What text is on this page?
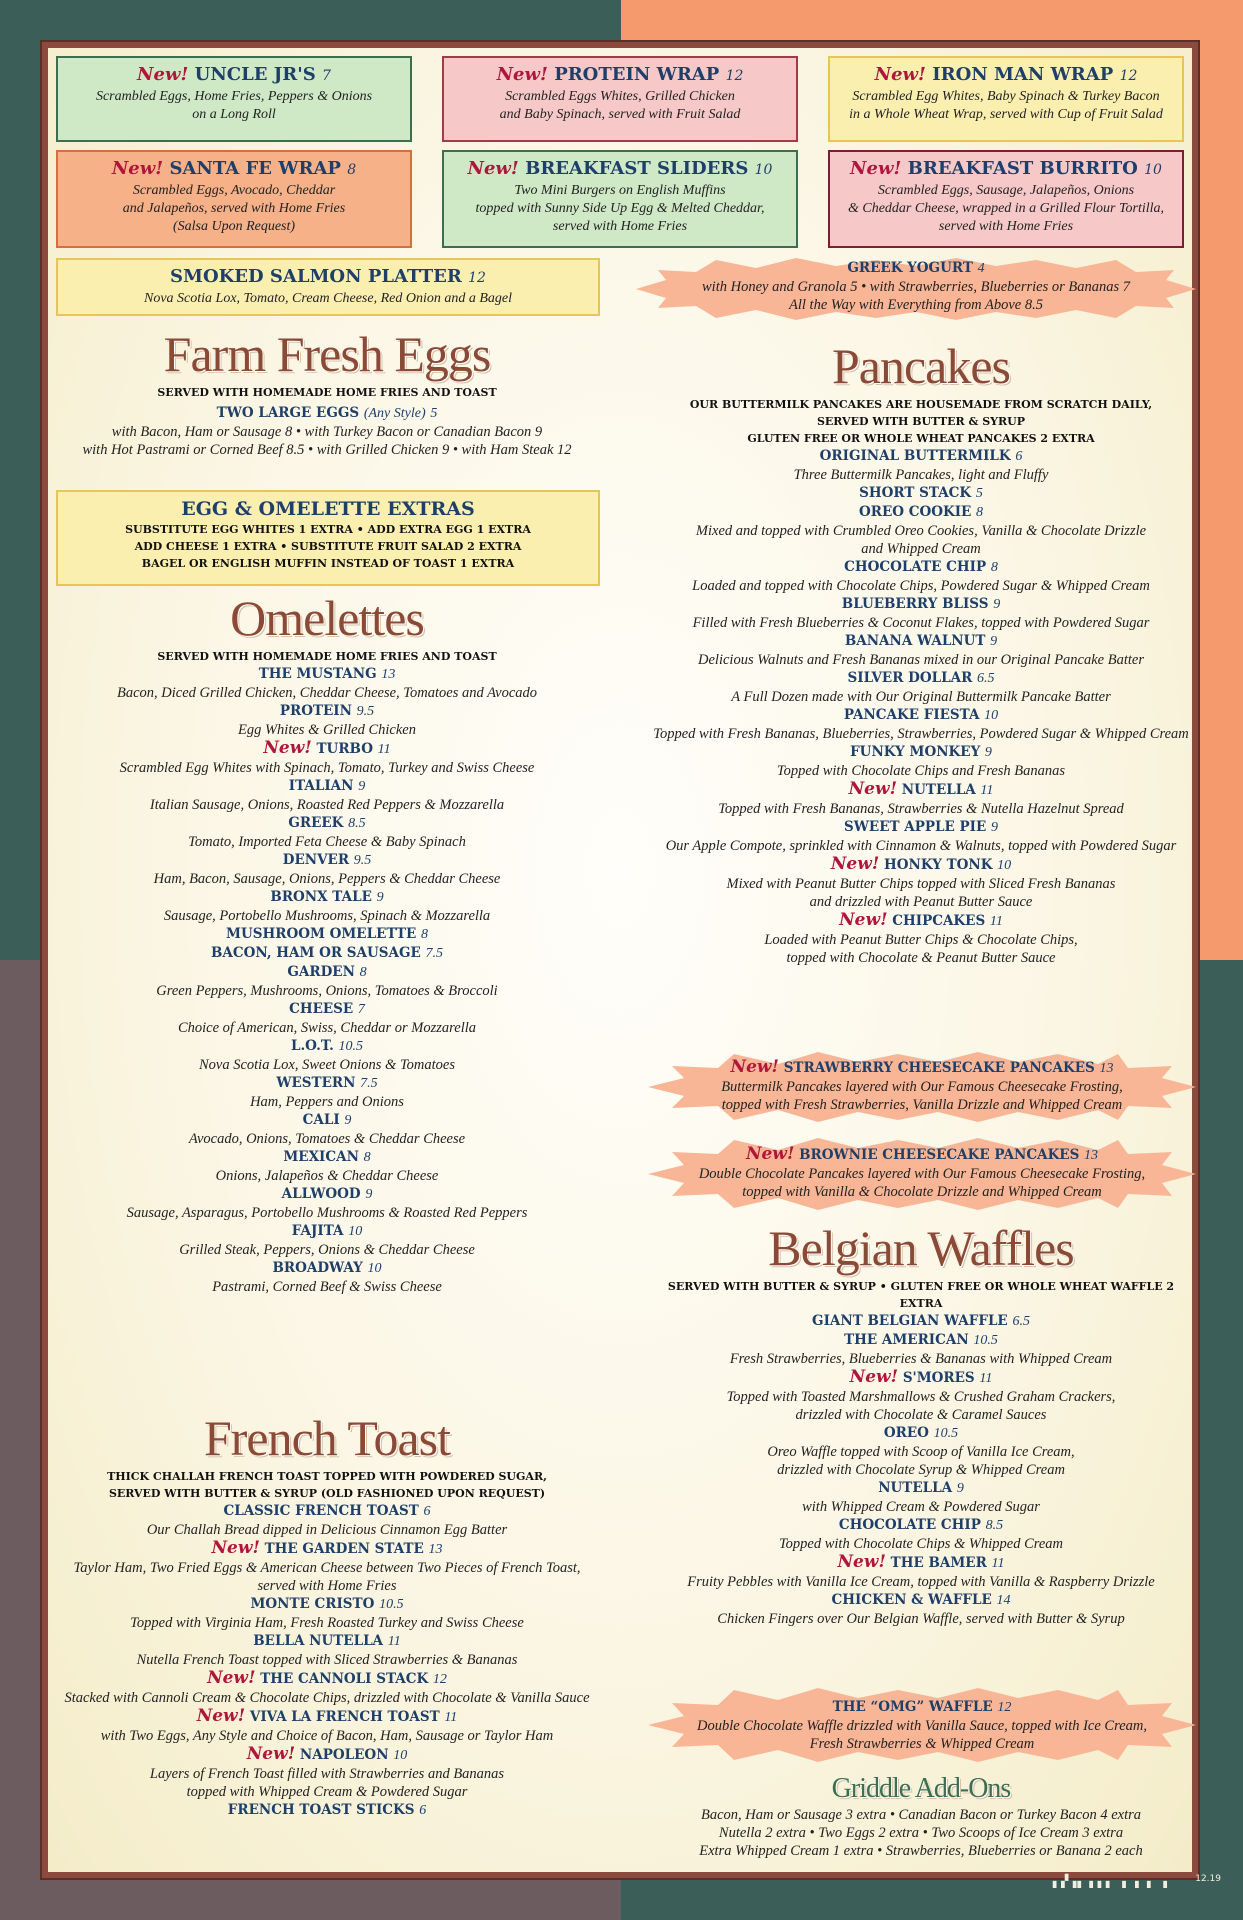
New! UNCLE JR'S 7
Scrambled Eggs, Home Fries, Peppers & Onions
on a Long Roll
New! PROTEIN WRAP 12
Scrambled Eggs Whites, Grilled Chicken
and Baby Spinach, served with Fruit Salad
New! IRON MAN WRAP 12
Scrambled Egg Whites, Baby Spinach & Turkey Bacon
in a Whole Wheat Wrap, served with Cup of Fruit Salad
New! SANTA FE WRAP 8
Scrambled Eggs, Avocado, Cheddar
and Jalapeños, served with Home Fries
(Salsa Upon Request)
New! BREAKFAST SLIDERS 10
Two Mini Burgers on English Muffins
topped with Sunny Side Up Egg & Melted Cheddar,
served with Home Fries
New! BREAKFAST BURRITO 10
Scrambled Eggs, Sausage, Jalapeños, Onions
& Cheddar Cheese, wrapped in a Grilled Flour Tortilla,
served with Home Fries
SMOKED SALMON PLATTER 12
Nova Scotia Lox, Tomato, Cream Cheese, Red Onion and a Bagel
GREEK YOGURT 4
with Honey and Granola 5 • with Strawberries, Blueberries or Bananas 7
All the Way with Everything from Above 8.5
Farm Fresh Eggs
SERVED WITH HOMEMADE HOME FRIES AND TOAST
TWO LARGE EGGS (Any Style) 5
with Bacon, Ham or Sausage 8 • with Turkey Bacon or Canadian Bacon 9
with Hot Pastrami or Corned Beef 8.5 • with Grilled Chicken 9 • with Ham Steak 12
EGG & OMELETTE EXTRAS
SUBSTITUTE EGG WHITES 1 EXTRA • ADD EXTRA EGG 1 EXTRA
ADD CHEESE 1 EXTRA • SUBSTITUTE FRUIT SALAD 2 EXTRA
BAGEL OR ENGLISH MUFFIN INSTEAD OF TOAST 1 EXTRA
Omelettes
SERVED WITH HOMEMADE HOME FRIES AND TOAST
THE MUSTANG 13
Bacon, Diced Grilled Chicken, Cheddar Cheese, Tomatoes and Avocado
PROTEIN 9.5
Egg Whites & Grilled Chicken
New! TURBO 11
Scrambled Egg Whites with Spinach, Tomato, Turkey and Swiss Cheese
ITALIAN 9
Italian Sausage, Onions, Roasted Red Peppers & Mozzarella
GREEK 8.5
Tomato, Imported Feta Cheese & Baby Spinach
DENVER 9.5
Ham, Bacon, Sausage, Onions, Peppers & Cheddar Cheese
BRONX TALE 9
Sausage, Portobello Mushrooms, Spinach & Mozzarella
MUSHROOM OMELETTE 8
BACON, HAM OR SAUSAGE 7.5
GARDEN 8
Green Peppers, Mushrooms, Onions, Tomatoes & Broccoli
CHEESE 7
Choice of American, Swiss, Cheddar or Mozzarella
L.O.T. 10.5
Nova Scotia Lox, Sweet Onions & Tomatoes
WESTERN 7.5
Ham, Peppers and Onions
CALI 9
Avocado, Onions, Tomatoes & Cheddar Cheese
MEXICAN 8
Onions, Jalapeños & Cheddar Cheese
ALLWOOD 9
Sausage, Asparagus, Portobello Mushrooms & Roasted Red Peppers
FAJITA 10
Grilled Steak, Peppers, Onions & Cheddar Cheese
BROADWAY 10
Pastrami, Corned Beef & Swiss Cheese
French Toast
THICK CHALLAH FRENCH TOAST TOPPED WITH POWDERED SUGAR,
SERVED WITH BUTTER & SYRUP (OLD FASHIONED UPON REQUEST)
CLASSIC FRENCH TOAST 6
Our Challah Bread dipped in Delicious Cinnamon Egg Batter
New! THE GARDEN STATE 13
Taylor Ham, Two Fried Eggs & American Cheese between Two Pieces of French Toast,
served with Home Fries
MONTE CRISTO 10.5
Topped with Virginia Ham, Fresh Roasted Turkey and Swiss Cheese
BELLA NUTELLA 11
Nutella French Toast topped with Sliced Strawberries & Bananas
New! THE CANNOLI STACK 12
Stacked with Cannoli Cream & Chocolate Chips, drizzled with Chocolate & Vanilla Sauce
New! VIVA LA FRENCH TOAST 11
with Two Eggs, Any Style and Choice of Bacon, Ham, Sausage or Taylor Ham
New! NAPOLEON 10
Layers of French Toast filled with Strawberries and Bananas
topped with Whipped Cream & Powdered Sugar
FRENCH TOAST STICKS 6
Pancakes
OUR BUTTERMILK PANCAKES ARE HOUSEMADE FROM SCRATCH DAILY,
SERVED WITH BUTTER & SYRUP
GLUTEN FREE OR WHOLE WHEAT PANCAKES 2 EXTRA
ORIGINAL BUTTERMILK 6
Three Buttermilk Pancakes, light and Fluffy
SHORT STACK 5
OREO COOKIE 8
Mixed and topped with Crumbled Oreo Cookies, Vanilla & Chocolate Drizzle
and Whipped Cream
CHOCOLATE CHIP 8
Loaded and topped with Chocolate Chips, Powdered Sugar & Whipped Cream
BLUEBERRY BLISS 9
Filled with Fresh Blueberries & Coconut Flakes, topped with Powdered Sugar
BANANA WALNUT 9
Delicious Walnuts and Fresh Bananas mixed in our Original Pancake Batter
SILVER DOLLAR 6.5
A Full Dozen made with Our Original Buttermilk Pancake Batter
PANCAKE FIESTA 10
Topped with Fresh Bananas, Blueberries, Strawberries, Powdered Sugar & Whipped Cream
FUNKY MONKEY 9
Topped with Chocolate Chips and Fresh Bananas
New! NUTELLA 11
Topped with Fresh Bananas, Strawberries & Nutella Hazelnut Spread
SWEET APPLE PIE 9
Our Apple Compote, sprinkled with Cinnamon & Walnuts, topped with Powdered Sugar
New! HONKY TONK 10
Mixed with Peanut Butter Chips topped with Sliced Fresh Bananas
and drizzled with Peanut Butter Sauce
New! CHIPCAKES 11
Loaded with Peanut Butter Chips & Chocolate Chips,
topped with Chocolate & Peanut Butter Sauce
New! STRAWBERRY CHEESECAKE PANCAKES 13
Buttermilk Pancakes layered with Our Famous Cheesecake Frosting,
topped with Fresh Strawberries, Vanilla Drizzle and Whipped Cream
New! BROWNIE CHEESECAKE PANCAKES 13
Double Chocolate Pancakes layered with Our Famous Cheesecake Frosting,
topped with Vanilla & Chocolate Drizzle and Whipped Cream
Belgian Waffles
SERVED WITH BUTTER & SYRUP • GLUTEN FREE OR WHOLE WHEAT WAFFLE 2 EXTRA
GIANT BELGIAN WAFFLE 6.5
THE AMERICAN 10.5
Fresh Strawberries, Blueberries & Bananas with Whipped Cream
New! S'MORES 11
Topped with Toasted Marshmallows & Crushed Graham Crackers,
drizzled with Chocolate & Caramel Sauces
OREO 10.5
Oreo Waffle topped with Scoop of Vanilla Ice Cream,
drizzled with Chocolate Syrup & Whipped Cream
NUTELLA 9
with Whipped Cream & Powdered Sugar
CHOCOLATE CHIP 8.5
Topped with Chocolate Chips & Whipped Cream
New! THE BAMER 11
Fruity Pebbles with Vanilla Ice Cream, topped with Vanilla & Raspberry Drizzle
CHICKEN & WAFFLE 14
Chicken Fingers over Our Belgian Waffle, served with Butter & Syrup
THE “OMG” WAFFLE 12
Double Chocolate Waffle drizzled with Vanilla Sauce, topped with Ice Cream,
Fresh Strawberries & Whipped Cream
Griddle Add-Ons
Bacon, Ham or Sausage 3 extra • Canadian Bacon or Turkey Bacon 4 extra
Nutella 2 extra • Two Eggs 2 extra • Two Scoops of Ice Cream 3 extra
Extra Whipped Cream 1 extra • Strawberries, Blueberries or Banana 2 each
▖▞▗▖▗▗▗ ▗ ▖▗ ▗	12.19
